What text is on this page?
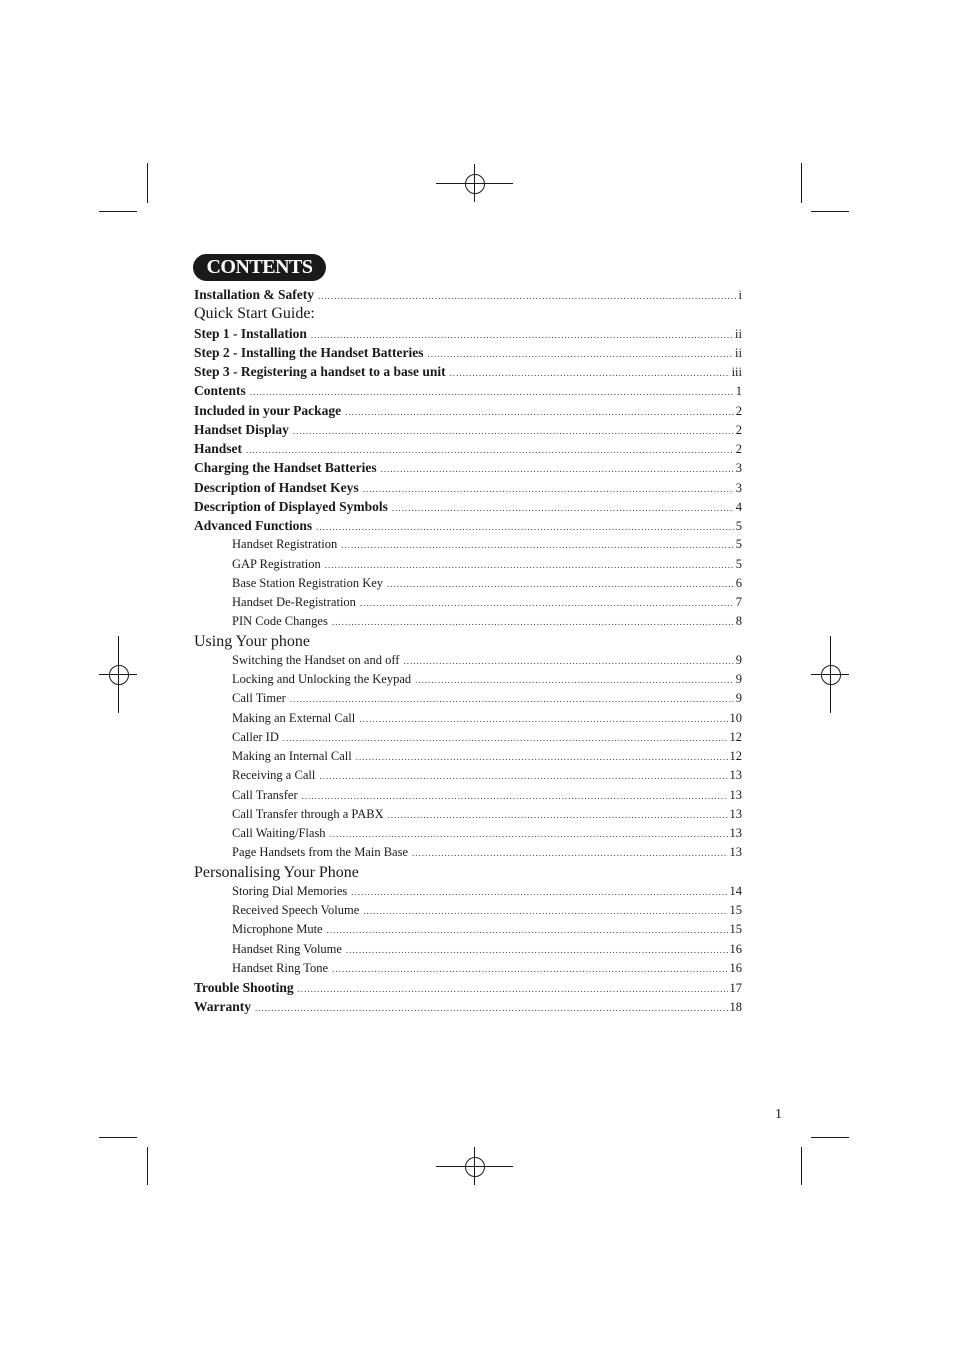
CONTENTS
Installation & Safety .....	i
Quick Start Guide:
Step 1 - Installation .....	ii
Step 2 - Installing the Handset Batteries .....	ii
Step 3 - Registering a handset to a base unit .....	iii
Contents .....	1
Included in your Package .....	2
Handset Display .....	2
Handset .....	2
Charging the Handset Batteries .....	3
Description of Handset Keys .....	3
Description of Displayed Symbols .....	4
Advanced Functions .....	5
Handset Registration .....	5
GAP Registration .....	5
Base Station Registration Key .....	6
Handset De-Registration .....	7
PIN Code Changes .....	8
Using Your phone
Switching the Handset on and off .....	9
Locking and Unlocking the Keypad .....	9
Call Timer .....	9
Making an External Call .....	10
Caller ID .....	12
Making an Internal Call .....	12
Receiving a Call .....	13
Call Transfer .....	13
Call Transfer through a PABX .....	13
Call Waiting/Flash .....	13
Page Handsets from the Main Base .....	13
Personalising Your Phone
Storing Dial Memories .....	14
Received Speech Volume .....	15
Microphone Mute .....	15
Handset Ring Volume .....	16
Handset Ring Tone .....	16
Trouble Shooting .....	17
Warranty .....	18
1
